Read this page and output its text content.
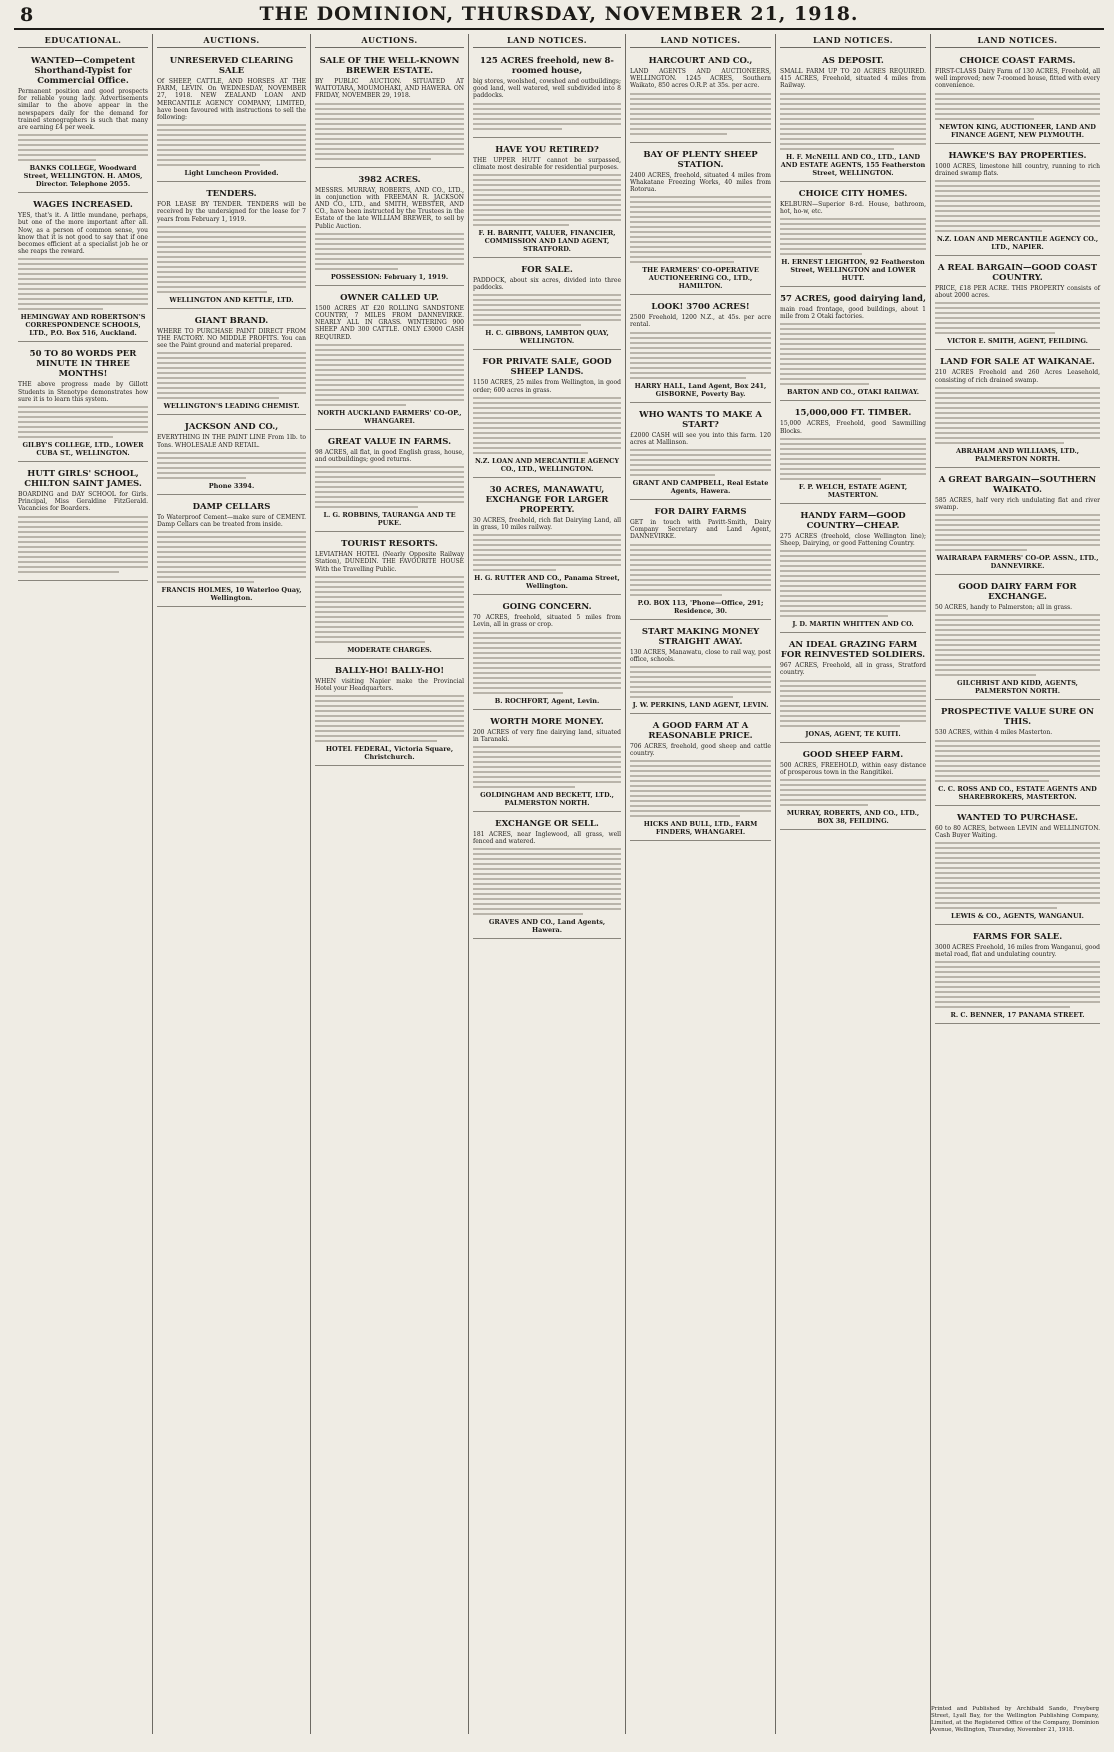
8	THE DOMINION, THURSDAY, NOVEMBER 21, 1918.
EDUCATIONAL.
WANTED—Competent Shorthand-Typist for Commercial Office.

Permanent position and good prospects for reliable young lady. Advertisements similar to the above appear in the newspapers daily for the demand for trained stenographers is such that many are earning £4 per week.

BANKS COLLEGE, Woodward Street, WELLINGTON. H. AMOS, Director. Telephone 2055.
WAGES INCREASED.

YES, that's it. A little mundane, perhaps, but one of the more important after all. Now, as a person of common sense, you know that it is not good to say that if one becomes efficient at a specialist job he or she reaps the reward.

HEMINGWAY AND ROBERTSON'S CORRESPONDENCE SCHOOLS, LTD., P.O. Box 516, Auckland.
50 TO 80 WORDS PER MINUTE IN THREE MONTHS!

THE above progress made by Gillott Students in Stenotype demonstrates how sure it is to learn this system.

GILBY'S COLLEGE, LTD., LOWER CUBA ST., WELLINGTON.
HUTT GIRLS' SCHOOL, CHILTON SAINT JAMES.

BOARDING and DAY SCHOOL for Girls. Principal, Miss Geraldine FitzGerald. Vacancies for Boarders.

AUCTIONS.
UNRESERVED CLEARING SALE

Of SHEEP, CATTLE, AND HORSES AT THE FARM, LEVIN. On WEDNESDAY, NOVEMBER 27, 1918. NEW ZEALAND LOAN AND MERCANTILE AGENCY COMPANY, LIMITED, have been favoured with instructions to sell the following:

Light Luncheon Provided.
TENDERS.

FOR LEASE BY TENDER. TENDERS will be received by the undersigned for the lease for 7 years from February 1, 1919.

WELLINGTON AND KETTLE, LTD.
GIANT BRAND.

WHERE TO PURCHASE PAINT DIRECT FROM THE FACTORY. NO MIDDLE PROFITS. You can see the Paint ground and material prepared.

WELLINGTON'S LEADING CHEMIST.
JACKSON AND CO.,

EVERYTHING IN THE PAINT LINE From 1lb. to Tons. WHOLESALE AND RETAIL.

Phone 3394.
DAMP CELLARS

To Waterproof Cement—make sure of CEMENT. Damp Cellars can be treated from inside.

FRANCIS HOLMES, 10 Waterloo Quay, Wellington.
AUCTIONS.
SALE OF THE WELL-KNOWN BREWER ESTATE.

BY PUBLIC AUCTION. SITUATED AT WAITOTARA, MOUMOHAKI, AND HAWERA. ON FRIDAY, NOVEMBER 29, 1918.

3982 ACRES.

MESSRS. MURRAY, ROBERTS, AND CO., LTD., in conjunction with FREEMAN R. JACKSON AND CO., LTD., and SMITH, WEBSTER, AND CO., have been instructed by the Trustees in the Estate of the late WILLIAM BREWER, to sell by Public Auction.

POSSESSION: February 1, 1919.
OWNER CALLED UP.

1500 ACRES AT £20 ROLLING SANDSTONE COUNTRY, 7 MILES FROM DANNEVIRKE. NEARLY ALL IN GRASS. WINTERING 900 SHEEP AND 300 CATTLE. ONLY £3000 CASH REQUIRED.

NORTH AUCKLAND FARMERS' CO-OP., WHANGAREI.
GREAT VALUE IN FARMS.

98 ACRES, all flat, in good English grass, house, and outbuildings; good returns.

L. G. ROBBINS, TAURANGA AND TE PUKE.
TOURIST RESORTS.

LEVIATHAN HOTEL (Nearly Opposite Railway Station), DUNEDIN. THE FAVOURITE HOUSE With the Travelling Public.

MODERATE CHARGES.
BALLY-HO! BALLY-HO!

WHEN visiting Napier make the Provincial Hotel your Headquarters.

HOTEL FEDERAL, Victoria Square, Christchurch.
LAND NOTICES.
125 ACRES freehold, new 8-roomed house,

big stores, woolshed, cowshed and outbuildings; good land, well watered, well subdivided into 8 paddocks.

HAVE YOU RETIRED?

THE UPPER HUTT cannot be surpassed, climate most desirable for residential purposes.

F. H. BARNITT, VALUER, FINANCIER, COMMISSION AND LAND AGENT, STRATFORD.
FOR SALE.

PADDOCK, about six acres, divided into three paddocks.

H. C. GIBBONS, LAMBTON QUAY, WELLINGTON.
FOR PRIVATE SALE, GOOD SHEEP LANDS.

1150 ACRES, 25 miles from Wellington, in good order; 600 acres in grass.

N.Z. LOAN AND MERCANTILE AGENCY CO., LTD., WELLINGTON.
30 ACRES, MANAWATU, EXCHANGE FOR LARGER PROPERTY.

30 ACRES, freehold, rich flat Dairying Land, all in grass, 10 miles railway.

H. G. RUTTER AND CO., Panama Street, Wellington.
GOING CONCERN.

70 ACRES, freehold, situated 5 miles from Levin, all in grass or crop.

B. ROCHFORT, Agent, Levin.
WORTH MORE MONEY.

200 ACRES of very fine dairying land, situated in Taranaki.

GOLDINGHAM AND BECKETT, LTD., PALMERSTON NORTH.
EXCHANGE OR SELL.

181 ACRES, near Inglewood, all grass, well fenced and watered.

GRAVES AND CO., Land Agents, Hawera.
LAND NOTICES.
HARCOURT AND CO.,

LAND AGENTS AND AUCTIONEERS, WELLINGTON. 1245 ACRES, Southern Waikato, 850 acres O.R.P. at 35s. per acre.

BAY OF PLENTY SHEEP STATION.

2400 ACRES, freehold, situated 4 miles from Whakatane Freezing Works, 40 miles from Rotorua.

THE FARMERS' CO-OPERATIVE AUCTIONEERING CO., LTD., HAMILTON.
LOOK! 3700 ACRES!

2500 Freehold, 1200 N.Z., at 45s. per acre rental.

HARRY HALL, Land Agent, Box 241, GISBORNE, Poverty Bay.
WHO WANTS TO MAKE A START?

£2000 CASH will see you into this farm. 120 acres at Mallinson.

GRANT AND CAMPBELL, Real Estate Agents, Hawera.
FOR DAIRY FARMS

GET in touch with Pavitt-Smith, Dairy Company Secretary and Land Agent, DANNEVIRKE.

P.O. BOX 113, 'Phone—Office, 291; Residence, 30.
START MAKING MONEY STRAIGHT AWAY.

130 ACRES, Manawatu, close to rail way, post office, schools.

J. W. PERKINS, LAND AGENT, LEVIN.
A GOOD FARM AT A REASONABLE PRICE.

706 ACRES, freehold, good sheep and cattle country.

HICKS AND BULL, LTD., FARM FINDERS, WHANGAREI.
LAND NOTICES.
AS DEPOSIT.

SMALL FARM UP TO 20 ACRES REQUIRED. 415 ACRES, Freehold, situated 4 miles from Railway.

H. F. McNEILL AND CO., LTD., LAND AND ESTATE AGENTS, 155 Featherston Street, WELLINGTON.
CHOICE CITY HOMES.

KELBURN—Superior 8-rd. House, bathroom, hot, ho-w, etc.

H. ERNEST LEIGHTON, 92 Featherston Street, WELLINGTON and LOWER HUTT.
57 ACRES, good dairying land,

main road frontage, good buildings, about 1 mile from 2 Otaki factories.

BARTON AND CO., OTAKI RAILWAY.
15,000,000 FT. TIMBER.

15,000 ACRES, Freehold, good Sawmilling Blocks.

F. P. WELCH, ESTATE AGENT, MASTERTON.
HANDY FARM—GOOD COUNTRY—CHEAP.

275 ACRES (freehold, close Wellington line); Sheep, Dairying, or good Fattening Country.

J. D. MARTIN WHITTEN AND CO.
AN IDEAL GRAZING FARM FOR REINVESTED SOLDIERS.

967 ACRES, Freehold, all in grass, Stratford country.

JONAS, AGENT, TE KUITI.
GOOD SHEEP FARM.

500 ACRES, FREEHOLD, within easy distance of prosperous town in the Rangitikei.

MURRAY, ROBERTS, AND CO., LTD., BOX 38, FEILDING.
LAND NOTICES.
CHOICE COAST FARMS.

FIRST-CLASS Dairy Farm of 130 ACRES, Freehold, all well improved; new 7-roomed house, fitted with every convenience.

NEWTON KING, AUCTIONEER, LAND AND FINANCE AGENT, NEW PLYMOUTH.
HAWKE'S BAY PROPERTIES.

1000 ACRES, limestone hill country, running to rich drained swamp flats.

N.Z. LOAN AND MERCANTILE AGENCY CO., LTD., NAPIER.
A REAL BARGAIN—GOOD COAST COUNTRY.

PRICE, £18 PER ACRE. THIS PROPERTY consists of about 2000 acres.

VICTOR E. SMITH, AGENT, FEILDING.
LAND FOR SALE AT WAIKANAE.

210 ACRES Freehold and 260 Acres Leasehold, consisting of rich drained swamp.

ABRAHAM AND WILLIAMS, LTD., PALMERSTON NORTH.
A GREAT BARGAIN—SOUTHERN WAIKATO.

585 ACRES, half very rich undulating flat and river swamp.

WAIRARAPA FARMERS' CO-OP. ASSN., LTD., DANNEVIRKE.
GOOD DAIRY FARM FOR EXCHANGE.

50 ACRES, handy to Palmerston; all in grass.

GILCHRIST AND KIDD, AGENTS, PALMERSTON NORTH.
PROSPECTIVE VALUE SURE ON THIS.

530 ACRES, within 4 miles Masterton.

C. C. ROSS AND CO., ESTATE AGENTS AND SHAREBROKERS, MASTERTON.
WANTED TO PURCHASE.

60 to 80 ACRES, between LEVIN and WELLINGTON. Cash Buyer Waiting.

LEWIS & CO., AGENTS, WANGANUI.
FARMS FOR SALE.

3000 ACRES Freehold, 16 miles from Wanganui, good metal road, flat and undulating country.

R. C. BENNER, 17 PANAMA STREET.
Printed and Published by Archibald Sando, Freyberg Street, Lyall Bay, for the Wellington Publishing Company, Limited, at the Registered Office of the Company, Dominion Avenue, Wellington, Thursday, November 21, 1918.
